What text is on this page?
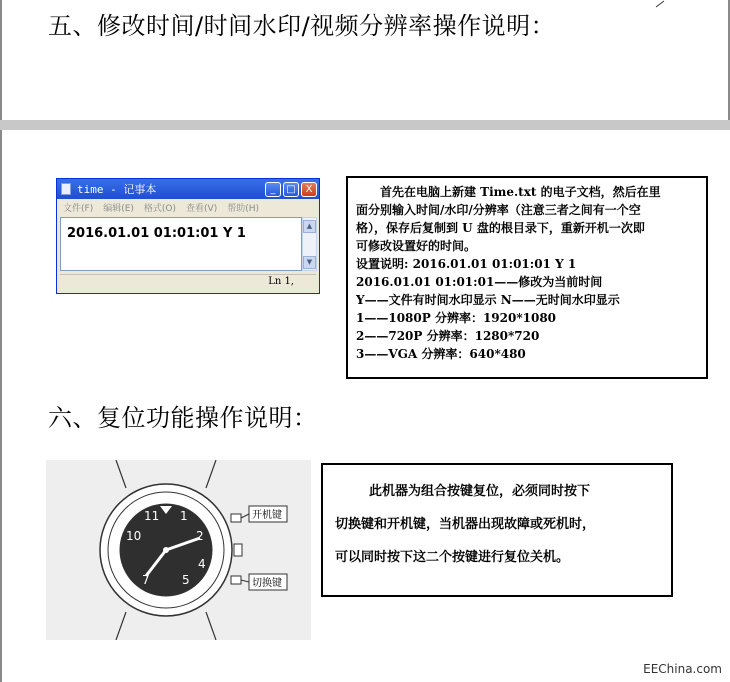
五、修改时间/时间水印/视频分辨率操作说明：
time - 记事本	_	□ X
文件(F) 编辑(E) 格式(O) 查看(V) 帮助(H)
2016.01.01 01:01:01 Y 1	▲
▼
Ln 1,

首先在电脑上新建 Time.txt 的电子文档，然后在里

面分别输入时间/水印/分辨率（注意三者之间有一个空

格），保存后复制到 U 盘的根目录下，重新开机一次即

可修改设置好的时间。

设置说明: 2016.01.01 01:01:01 Y 1

2016.01.01 01:01:01——修改为当前时间

Y——文件有时间水印显示 N——无时间水印显示

1——1080P 分辨率：1920*1080

2——720P 分辨率：1280*720

3——VGA 分辨率：640*480

六、复位功能操作说明：
11 1
10	2
4
5
7
开机键
切换键

此机器为组合按键复位，必须同时按下

切换键和开机键，当机器出现故障或死机时，

可以同时按下这二个按键进行复位关机。

EEChina.com
